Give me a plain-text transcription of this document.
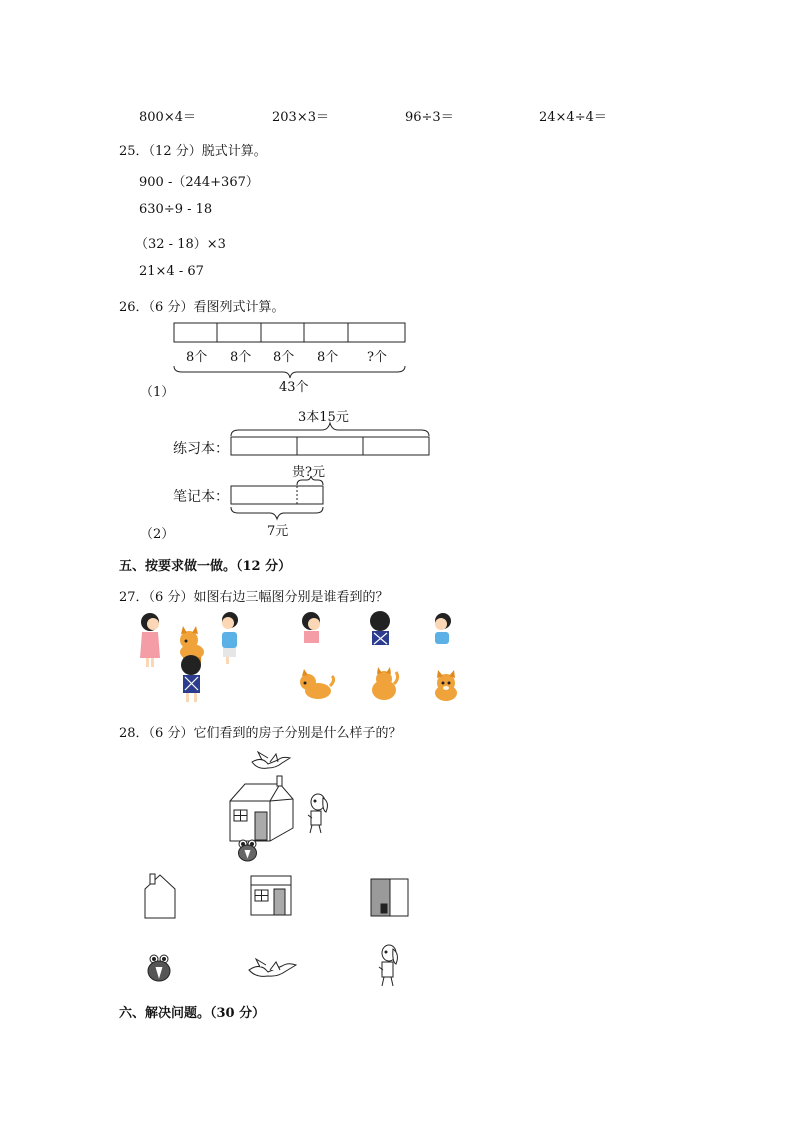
800×4＝	203×3＝	96÷3＝	24×4÷4＝
25．（12 分）脱式计算。
900 -（244+367）
630÷9 - 18
（32 - 18）×3
21×4 - 67
26．（6 分）看图列式计算。
8个 8个 8个 8个 ?个
（1）	43个
3本15元
练习本：
贵?元
笔记本：
7元
（2）
五、按要求做一做。（12 分）
27．（6 分）如图右边三幅图分别是谁看到的？
28．（6 分）它们看到的房子分别是什么样子的？
六、解决问题。（30 分）
